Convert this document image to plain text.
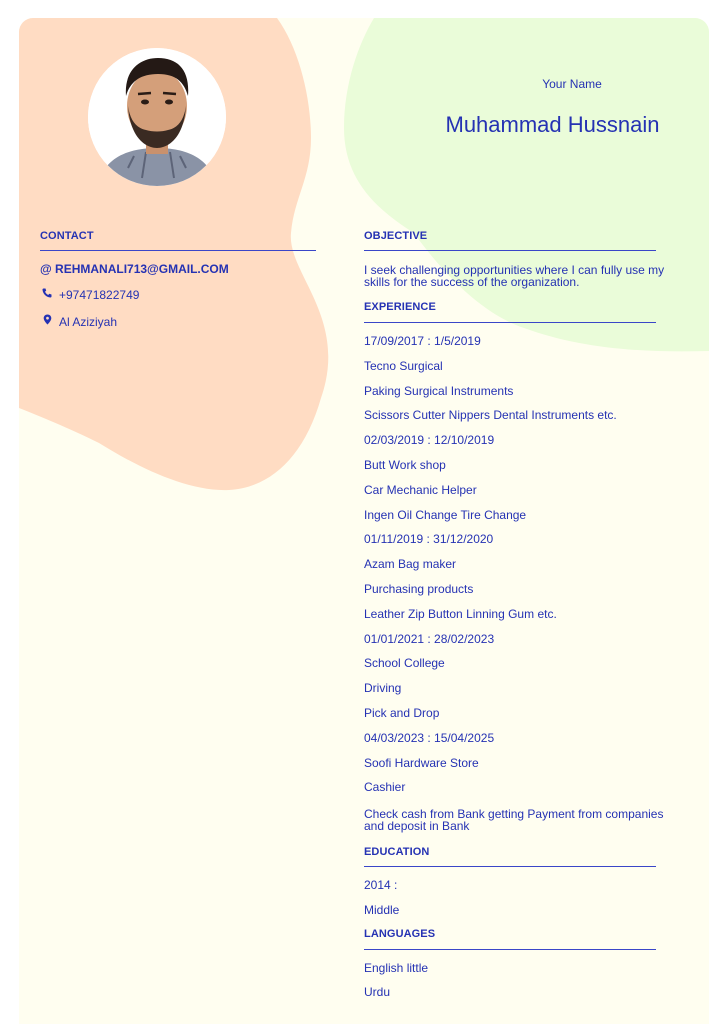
Your Name
Muhammad Hussnain
CONTACT
@ REHMANALI713@GMAIL.COM
+97471822749
Al Aziziyah
OBJECTIVE
I seek challenging opportunities where I can fully use my skills for the success of the organization.
EXPERIENCE
17/09/2017 : 1/5/2019
Tecno Surgical
Paking Surgical Instruments
Scissors Cutter Nippers Dental Instruments etc.
02/03/2019 : 12/10/2019
Butt Work shop
Car Mechanic Helper
Ingen Oil Change Tire Change
01/11/2019 : 31/12/2020
Azam Bag maker
Purchasing products
Leather Zip Button Linning Gum etc.
01/01/2021 : 28/02/2023
School College
Driving
Pick and Drop
04/03/2023 : 15/04/2025
Soofi Hardware Store
Cashier
Check cash from Bank getting Payment from companies and deposit in Bank
EDUCATION
2014 :
Middle
LANGUAGES
English little
Urdu
